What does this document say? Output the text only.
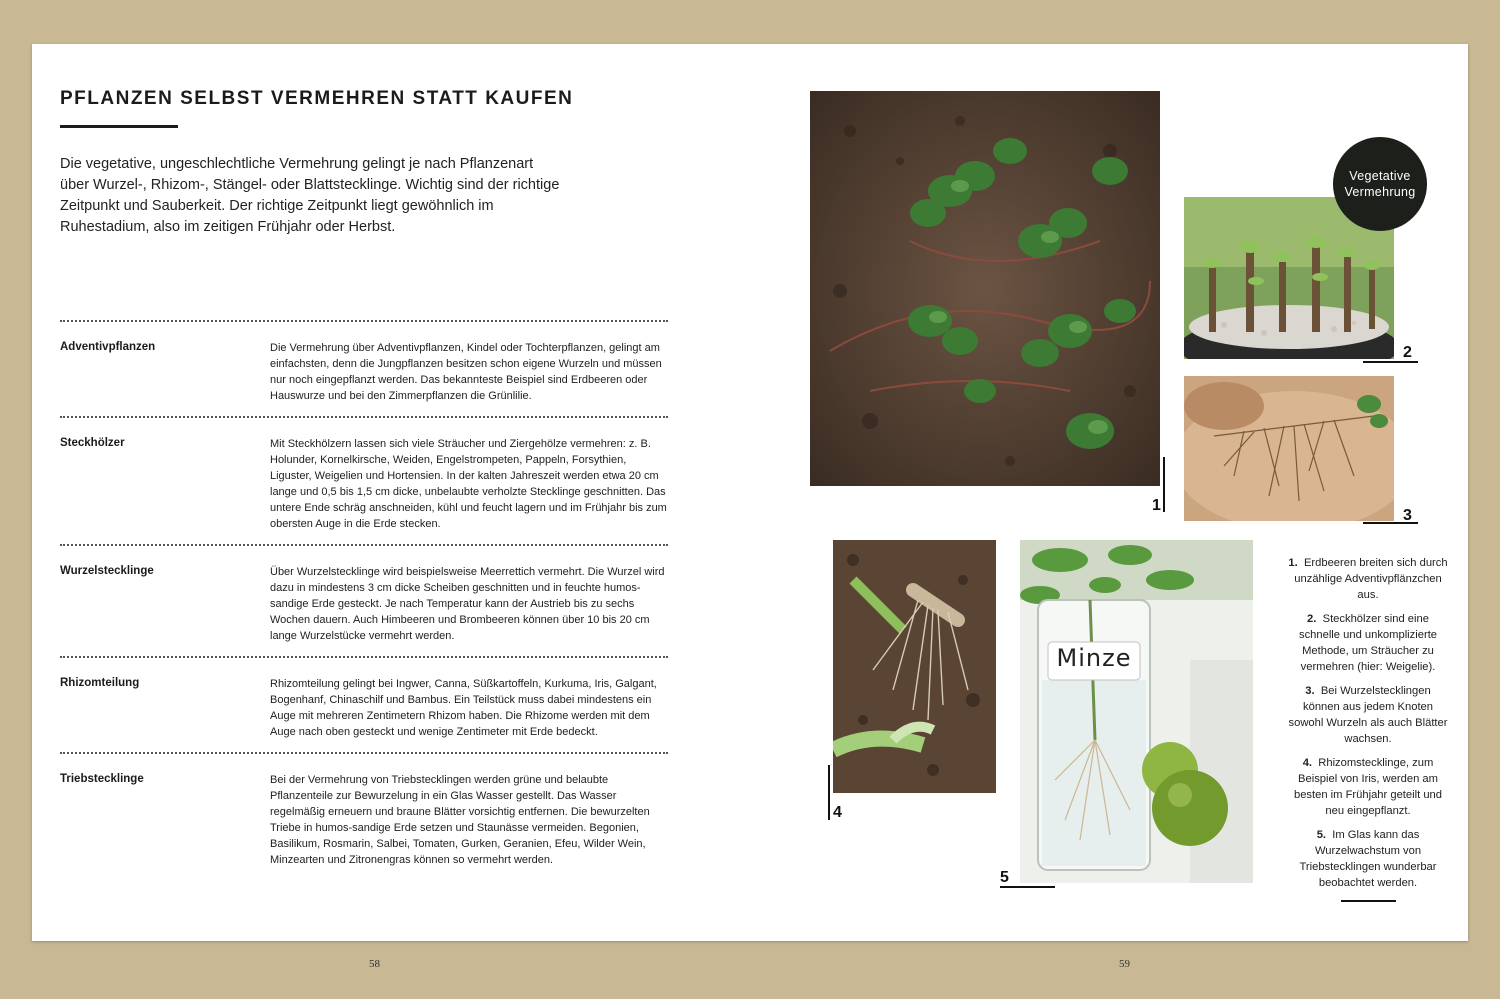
PFLANZEN SELBST VERMEHREN STATT KAUFEN
Die vegetative, ungeschlechtliche Vermehrung gelingt je nach Pflanzenart über Wurzel-, Rhizom-, Stängel- oder Blattstecklinge. Wichtig sind der richtige Zeitpunkt und Sauberkeit. Der richtige Zeitpunkt liegt gewöhnlich im Ruhestadium, also im zeitigen Frühjahr oder Herbst.
Adventivpflanzen	Die Vermehrung über Adventivpflanzen, Kindel oder Tochterpflanzen, gelingt am einfachsten, denn die Jungpflanzen besitzen schon eigene Wurzeln und müssen nur noch eingepflanzt werden. Das bekannteste Beispiel sind Erdbeeren oder Hauswurze und bei den Zimmerpflanzen die Grünlilie.
Steckhölzer	Mit Steckhölzern lassen sich viele Sträucher und Ziergehölze vermehren: z. B. Holunder, Kornelkirsche, Weiden, Engelstrompeten, Pappeln, Forsythien, Liguster, Weigelien und Hortensien. In der kalten Jahreszeit werden etwa 20 cm lange und 0,5 bis 1,5 cm dicke, unbelaubte verholzte Stecklinge geschnitten. Das untere Ende schräg anschneiden, kühl und feucht lagern und im Frühjahr bis zum obersten Auge in die Erde stecken.
Wurzelstecklinge	Über Wurzelstecklinge wird beispielsweise Meerrettich vermehrt. Die Wurzel wird dazu in mindestens 3 cm dicke Scheiben geschnitten und in feuchte humos-sandige Erde gesteckt. Je nach Temperatur kann der Austrieb bis zu sechs Wochen dauern. Auch Himbeeren und Brombeeren können über 10 bis 20 cm lange Wurzelstücke vermehrt werden.
Rhizomteilung	Rhizomteilung gelingt bei Ingwer, Canna, Süßkartoffeln, Kurkuma, Iris, Galgant, Bogenhanf, Chinaschilf und Bambus. Ein Teilstück muss dabei mindestens ein Auge mit mehreren Zentimetern Rhizom haben. Die Rhizome werden mit dem Auge nach oben gesteckt und wenige Zentimeter mit Erde bedeckt.
Triebstecklinge	Bei der Vermehrung von Triebstecklingen werden grüne und belaubte Pflanzenteile zur Bewurzelung in ein Glas Wasser gestellt. Das Wasser regelmäßig erneuern und braune Blätter vorsichtig entfernen. Die bewurzelten Triebe in humos-sandige Erde setzen und Staunässe vermeiden. Begonien, Basilikum, Rosmarin, Salbei, Tomaten, Gurken, Geranien, Efeu, Wilder Wein, Minzearten und Zitronengras können so vermehrt werden.
58
1
2
3
Vegetative
Vermehrung
4
Minze
5
1. Erdbeeren breiten sich durch unzählige Adventivpflänzchen aus.
2. Steckhölzer sind eine schnelle und unkomplizierte Methode, um Sträucher zu vermehren (hier: Weigelie).
3. Bei Wurzelstecklingen können aus jedem Knoten sowohl Wurzeln als auch Blätter wachsen.
4. Rhizomstecklinge, zum Beispiel von Iris, werden am besten im Frühjahr geteilt und neu eingepflanzt.
5. Im Glas kann das Wurzelwachstum von Triebstecklingen wunderbar beobachtet werden.
59
